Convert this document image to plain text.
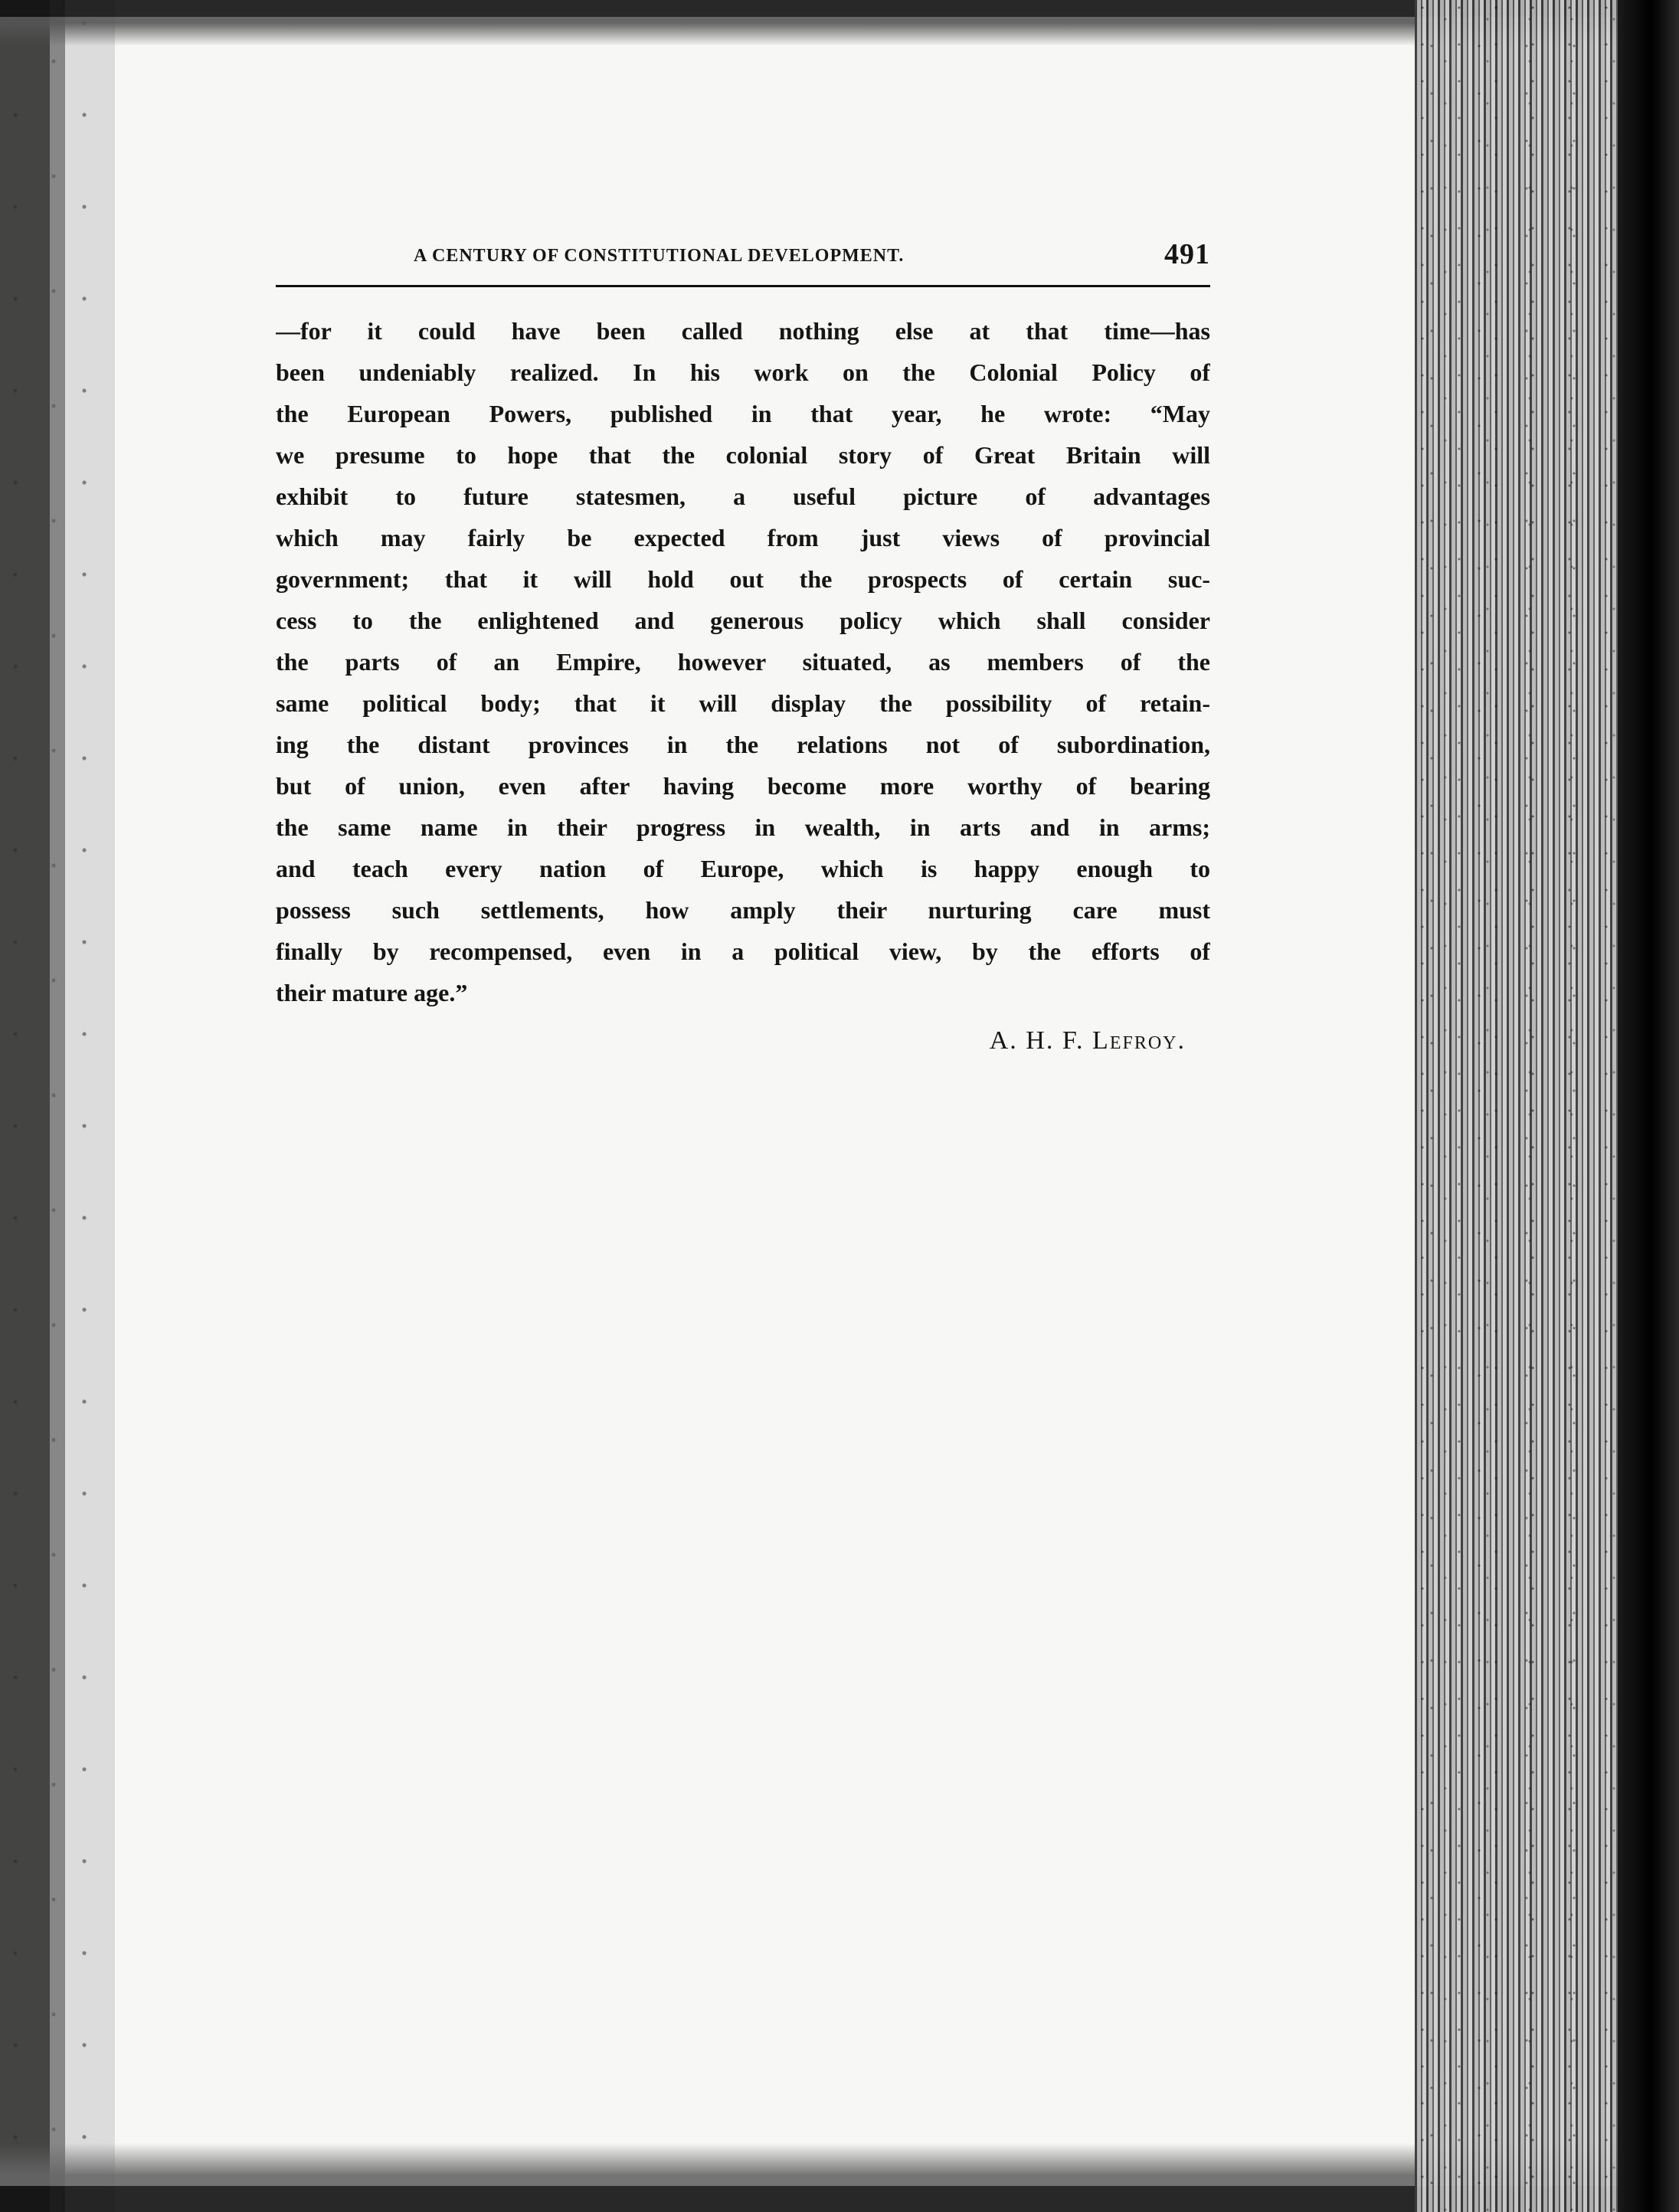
A CENTURY OF CONSTITUTIONAL DEVELOPMENT.	491
—for it could have been called nothing else at that time—has
been undeniably realized. In his work on the Colonial Policy of
the European Powers, published in that year, he wrote: “May
we presume to hope that the colonial story of Great Britain will
exhibit to future statesmen, a useful picture of advantages
which may fairly be expected from just views of provincial
government; that it will hold out the prospects of certain suc-
cess to the enlightened and generous policy which shall consider
the parts of an Empire, however situated, as members of the
same political body; that it will display the possibility of retain-
ing the distant provinces in the relations not of subordination,
but of union, even after having become more worthy of bearing
the same name in their progress in wealth, in arts and in arms;
and teach every nation of Europe, which is happy enough to
possess such settlements, how amply their nurturing care must
finally by recompensed, even in a political view, by the efforts of
their mature age.”
A. H. F. Lefroy.
